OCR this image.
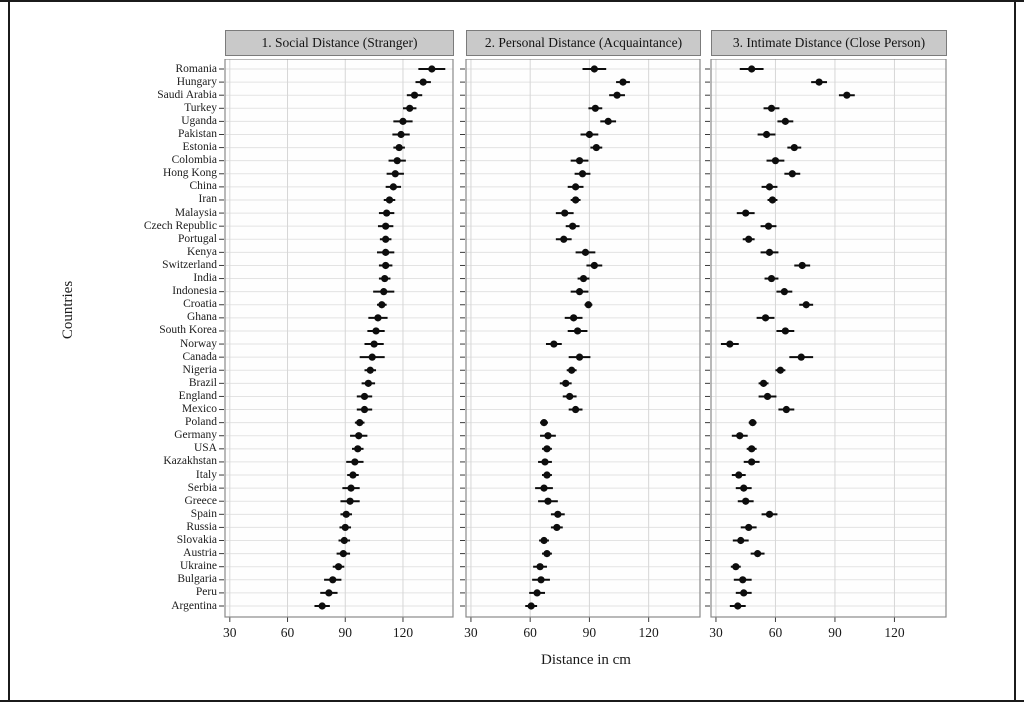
1. Social Distance (Stranger)	2. Personal Distance (Acquaintance)	3. Intimate Distance (Close Person)
Romania
Hungary
Saudi Arabia
Turkey
Uganda
Pakistan
Estonia
Colombia
Hong Kong
China
Iran
Malaysia
Czech Republic
Portugal
Kenya
Switzerland
India
Indonesia
Croatia
Ghana
South Korea
Norway
Canada
Nigeria
Brazil
England
Mexico
Poland
Germany
USA
Kazakhstan
Italy
Serbia
Greece
Spain
Russia
Slovakia
Austria
Ukraine
Bulgaria
Peru
Argentina
30	60	90	120	30	60	90	120	30	60	90	120
Countries
Distance in cm
